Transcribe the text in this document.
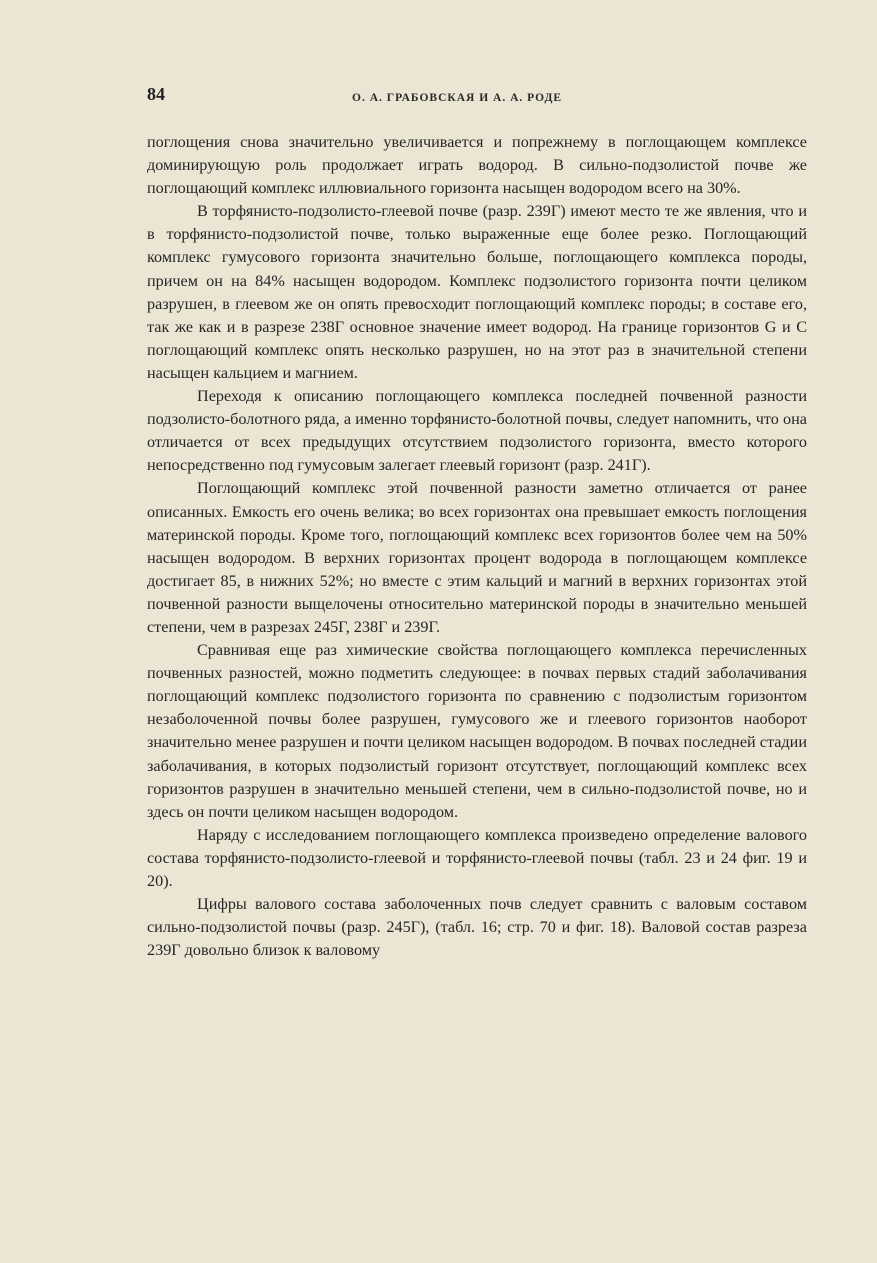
84	О. А. ГРАБОВСКАЯ И А. А. РОДЕ

поглощения снова значительно увеличивается и попрежнему в поглощающем комплексе доминирующую роль продолжает играть водород. В сильно-подзолистой почве же поглощающий комплекс иллювиального горизонта насыщен водородом всего на 30%.

В торфянисто-подзолисто-глеевой почве (разр. 239Г) имеют место те же явления, что и в торфянисто-подзолистой почве, только выраженные еще более резко. Поглощающий комплекс гумусового горизонта значительно больше, поглощающего комплекса породы, причем он на 84% насыщен водородом. Комплекс подзолистого горизонта почти целиком разрушен, в глеевом же он опять превосходит поглощающий комплекс породы; в составе его, так же как и в разрезе 238Г основное значение имеет водород. На границе горизонтов G и С поглощающий комплекс опять несколько разрушен, но на этот раз в значительной степени насыщен кальцием и магнием.

Переходя к описанию поглощающего комплекса последней почвенной разности подзолисто-болотного ряда, а именно торфянисто-болотной почвы, следует напомнить, что она отличается от всех предыдущих отсутствием подзолистого горизонта, вместо которого непосредственно под гумусовым залегает глеевый горизонт (разр. 241Г).

Поглощающий комплекс этой почвенной разности заметно отличается от ранее описанных. Емкость его очень велика; во всех горизонтах она превышает емкость поглощения материнской породы. Кроме того, поглощающий комплекс всех горизонтов более чем на 50% насыщен водородом. В верхних горизонтах процент водорода в поглощающем комплексе достигает 85, в нижних 52%; но вместе с этим кальций и магний в верхних горизонтах этой почвенной разности выщелочены относительно материнской породы в значительно меньшей степени, чем в разрезах 245Г, 238Г и 239Г.

Сравнивая еще раз химические свойства поглощающего комплекса перечисленных почвенных разностей, можно подметить следующее: в почвах первых стадий заболачивания поглощающий комплекс подзолистого горизонта по сравнению с подзолистым горизонтом незаболоченной почвы более разрушен, гумусового же и глеевого горизонтов наоборот значительно менее разрушен и почти целиком насыщен водородом. В почвах последней стадии заболачивания, в которых подзолистый горизонт отсутствует, поглощающий комплекс всех горизонтов разрушен в значительно меньшей степени, чем в сильно-подзолистой почве, но и здесь он почти целиком насыщен водородом.

Наряду с исследованием поглощающего комплекса произведено определение валового состава торфянисто-подзолисто-глеевой и торфянисто-глеевой почвы (табл. 23 и 24 фиг. 19 и 20).

Цифры валового состава заболоченных почв следует сравнить с валовым составом сильно-подзолистой почвы (разр. 245Г), (табл. 16; стр. 70 и фиг. 18). Валовой состав разреза 239Г довольно близок к валовому
